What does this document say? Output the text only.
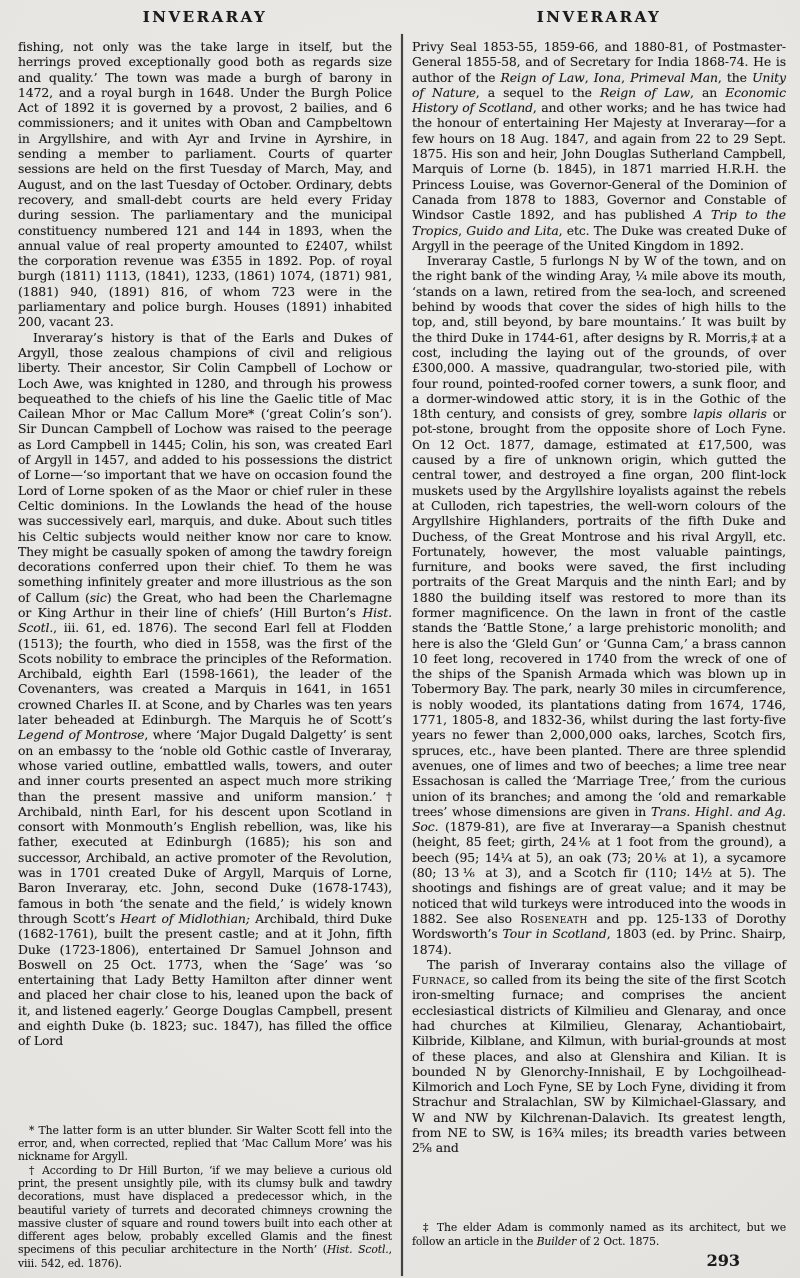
INVERARAY

fishing, not only was the take large in itself, but the herrings proved exceptionally good both as regards size and quality.’ The town was made a burgh of barony in 1472, and a royal burgh in 1648. Under the Burgh Police Act of 1892 it is governed by a provost, 2 bailies, and 6 commissioners; and it unites with Oban and Campbeltown in Argyllshire, and with Ayr and Irvine in Ayrshire, in sending a member to parliament. Courts of quarter sessions are held on the first Tuesday of March, May, and August, and on the last Tuesday of October. Ordinary, debts recovery, and small-debt courts are held every Friday during session. The parliamentary and the municipal constituency numbered 121 and 144 in 1893, when the annual value of real property amounted to £2407, whilst the corporation revenue was £355 in 1892. Pop. of royal burgh (1811) 1113, (1841), 1233, (1861) 1074, (1871) 981, (1881) 940, (1891) 816, of whom 723 were in the parliamentary and police burgh. Houses (1891) inhabited 200, vacant 23.

Inveraray’s history is that of the Earls and Dukes of Argyll, those zealous champions of civil and religious liberty. Their ancestor, Sir Colin Campbell of Lochow or Loch Awe, was knighted in 1280, and through his prowess bequeathed to the chiefs of his line the Gaelic title of Mac Cailean Mhor or Mac Callum More* (‘great Colin’s son’). Sir Duncan Campbell of Lochow was raised to the peerage as Lord Campbell in 1445; Colin, his son, was created Earl of Argyll in 1457, and added to his possessions the district of Lorne—‘so important that we have on occasion found the Lord of Lorne spoken of as the Maor or chief ruler in these Celtic dominions. In the Lowlands the head of the house was successively earl, marquis, and duke. About such titles his Celtic subjects would neither know nor care to know. They might be casually spoken of among the tawdry foreign decorations conferred upon their chief. To them he was something infinitely greater and more illustrious as the son of Callum (sic) the Great, who had been the Charlemagne or King Arthur in their line of chiefs’ (Hill Burton’s Hist. Scotl., iii. 61, ed. 1876). The second Earl fell at Flodden (1513); the fourth, who died in 1558, was the first of the Scots nobility to embrace the principles of the Reformation. Archibald, eighth Earl (1598-1661), the leader of the Covenanters, was created a Marquis in 1641, in 1651 crowned Charles II. at Scone, and by Charles was ten years later beheaded at Edinburgh. The Marquis he of Scott’s Legend of Montrose, where ‘Major Dugald Dalgetty’ is sent on an embassy to the ‘noble old Gothic castle of Inveraray, whose varied outline, embattled walls, towers, and outer and inner courts presented an aspect much more striking than the present massive and uniform mansion.’† Archibald, ninth Earl, for his descent upon Scotland in consort with Monmouth’s English rebellion, was, like his father, executed at Edinburgh (1685); his son and successor, Archibald, an active promoter of the Revolution, was in 1701 created Duke of Argyll, Marquis of Lorne, Baron Inveraray, etc. John, second Duke (1678-1743), famous in both ‘the senate and the field,’ is widely known through Scott’s Heart of Midlothian; Archibald, third Duke (1682-1761), built the present castle; and at it John, fifth Duke (1723-1806), entertained Dr Samuel Johnson and Boswell on 25 Oct. 1773, when the ‘Sage’ was ‘so entertaining that Lady Betty Hamilton after dinner went and placed her chair close to his, leaned upon the back of it, and listened eagerly.’ George Douglas Campbell, present and eighth Duke (b. 1823; suc. 1847), has filled the office of Lord

* The latter form is an utter blunder. Sir Walter Scott fell into the error, and, when corrected, replied that ‘Mac Callum More’ was his nickname for Argyll.

† According to Dr Hill Burton, ‘if we may believe a curious old print, the present unsightly pile, with its clumsy bulk and tawdry decorations, must have displaced a predecessor which, in the beautiful variety of turrets and decorated chimneys crowning the massive cluster of square and round towers built into each other at different ages below, probably excelled Glamis and the finest specimens of this peculiar architecture in the North’ (Hist. Scotl., viii. 542, ed. 1876).

INVERARAY

Privy Seal 1853-55, 1859-66, and 1880-81, of Postmaster-General 1855-58, and of Secretary for India 1868-74. He is author of the Reign of Law, Iona, Primeval Man, the Unity of Nature, a sequel to the Reign of Law, an Economic History of Scotland, and other works; and he has twice had the honour of entertaining Her Majesty at Inveraray—for a few hours on 18 Aug. 1847, and again from 22 to 29 Sept. 1875. His son and heir, John Douglas Sutherland Campbell, Marquis of Lorne (b. 1845), in 1871 married H.R.H. the Princess Louise, was Governor-General of the Dominion of Canada from 1878 to 1883, Governor and Constable of Windsor Castle 1892, and has published A Trip to the Tropics, Guido and Lita, etc. The Duke was created Duke of Argyll in the peerage of the United Kingdom in 1892.

Inveraray Castle, 5 furlongs N by W of the town, and on the right bank of the winding Aray, ¼ mile above its mouth, ‘stands on a lawn, retired from the sea-loch, and screened behind by woods that cover the sides of high hills to the top, and, still beyond, by bare mountains.’ It was built by the third Duke in 1744-61, after designs by R. Morris,‡ at a cost, including the laying out of the grounds, of over £300,000. A massive, quadrangular, two-storied pile, with four round, pointed-roofed corner towers, a sunk floor, and a dormer-windowed attic story, it is in the Gothic of the 18th century, and consists of grey, sombre lapis ollaris or pot-stone, brought from the opposite shore of Loch Fyne. On 12 Oct. 1877, damage, estimated at £17,500, was caused by a fire of unknown origin, which gutted the central tower, and destroyed a fine organ, 200 flint-lock muskets used by the Argyllshire loyalists against the rebels at Culloden, rich tapestries, the well-worn colours of the Argyllshire Highlanders, portraits of the fifth Duke and Duchess, of the Great Montrose and his rival Argyll, etc. Fortunately, however, the most valuable paintings, furniture, and books were saved, the first including portraits of the Great Marquis and the ninth Earl; and by 1880 the building itself was restored to more than its former magnificence. On the lawn in front of the castle stands the ‘Battle Stone,’ a large prehistoric monolith; and here is also the ‘Gleld Gun’ or ‘Gunna Cam,’ a brass cannon 10 feet long, recovered in 1740 from the wreck of one of the ships of the Spanish Armada which was blown up in Tobermory Bay. The park, nearly 30 miles in circumference, is nobly wooded, its plantations dating from 1674, 1746, 1771, 1805-8, and 1832-36, whilst during the last forty-five years no fewer than 2,000,000 oaks, larches, Scotch firs, spruces, etc., have been planted. There are three splendid avenues, one of limes and two of beeches; a lime tree near Essachosan is called the ‘Marriage Tree,’ from the curious union of its branches; and among the ‘old and remarkable trees’ whose dimensions are given in Trans. Highl. and Ag. Soc. (1879-81), are five at Inveraray—a Spanish chestnut (height, 85 feet; girth, 24⅙ at 1 foot from the ground), a beech (95; 14¼ at 5), an oak (73; 20⅙ at 1), a sycamore (80; 13⅙ at 3), and a Scotch fir (110; 14½ at 5). The shootings and fishings are of great value; and it may be noticed that wild turkeys were introduced into the woods in 1882. See also Roseneath and pp. 125-133 of Dorothy Wordsworth’s Tour in Scotland, 1803 (ed. by Princ. Shairp, 1874).

The parish of Inveraray contains also the village of Furnace, so called from its being the site of the first Scotch iron-smelting furnace; and comprises the ancient ecclesiastical districts of Kilmilieu and Glenaray, and once had churches at Kilmilieu, Glenaray, Achantiobairt, Kilbride, Kilblane, and Kilmun, with burial-grounds at most of these places, and also at Glenshira and Kilian. It is bounded N by Glenorchy-Innishail, E by Lochgoilhead-Kilmorich and Loch Fyne, SE by Loch Fyne, dividing it from Strachur and Stralachlan, SW by Kilmichael-Glassary, and W and NW by Kilchrenan-Dalavich. Its greatest length, from NE to SW, is 16¾ miles; its breadth varies between 2⅝ and

‡ The elder Adam is commonly named as its architect, but we follow an article in the Builder of 2 Oct. 1875.

293
